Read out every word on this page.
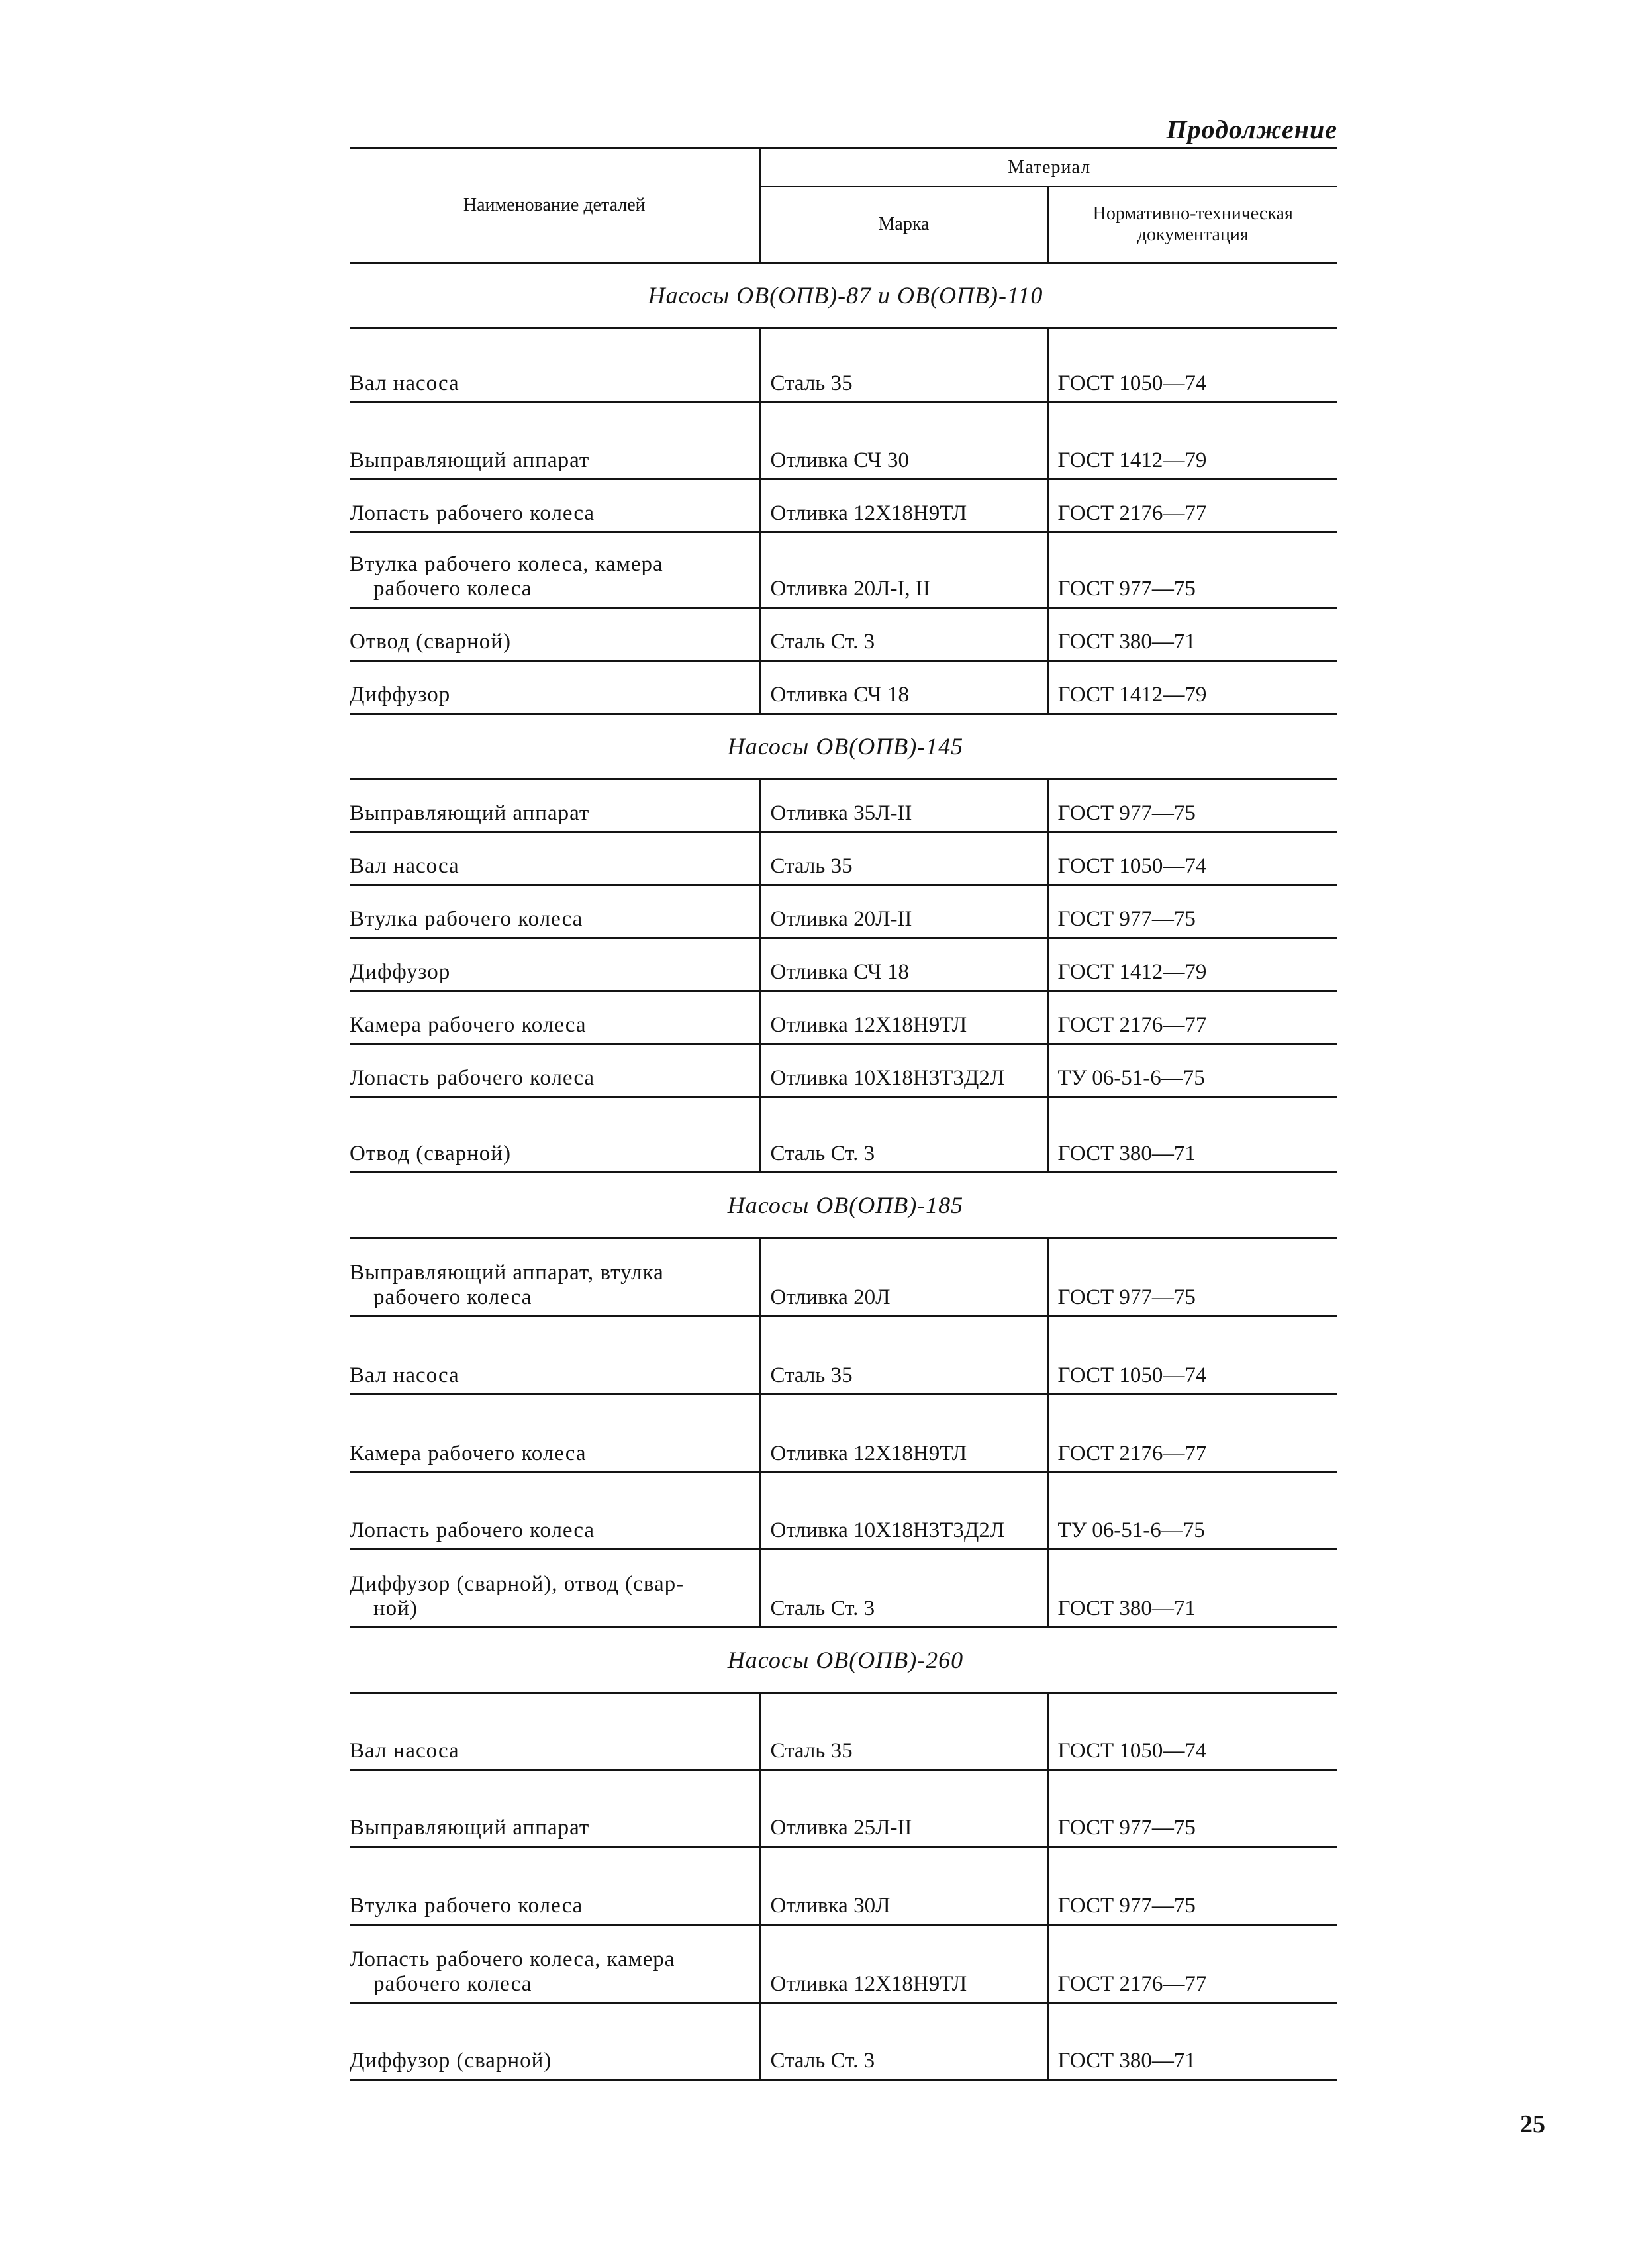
Продолжение
Наименование деталей	Материал	
	Марка	Нормативно-техническая документация
Насосы ОВ(ОПВ)-87 и ОВ(ОПВ)-110		
Вал насоса	Сталь 35	ГОСТ 1050—74
Выправляющий аппарат	Отливка СЧ 30	ГОСТ 1412—79
Лопасть рабочего колеса	Отливка 12Х18Н9ТЛ	ГОСТ 2176—77
Втулка рабочего колеса, камера
рабочего колеса	Отливка 20Л-I, II	ГОСТ 977—75
Отвод (сварной)	Сталь Ст. 3	ГОСТ 380—71
Диффузор	Отливка СЧ 18	ГОСТ 1412—79
Насосы ОВ(ОПВ)-145		
Выправляющий аппарат	Отливка 35Л-II	ГОСТ 977—75
Вал насоса	Сталь 35	ГОСТ 1050—74
Втулка рабочего колеса	Отливка 20Л-II	ГОСТ 977—75
Диффузор	Отливка СЧ 18	ГОСТ 1412—79
Камера рабочего колеса	Отливка 12Х18Н9ТЛ	ГОСТ 2176—77
Лопасть рабочего колеса	Отливка 10Х18Н3Т3Д2Л	ТУ 06-51-6—75
Отвод (сварной)	Сталь Ст. 3	ГОСТ 380—71
Насосы ОВ(ОПВ)-185		
Выправляющий аппарат, втулка
рабочего колеса	Отливка 20Л	ГОСТ 977—75
Вал насоса	Сталь 35	ГОСТ 1050—74
Камера рабочего колеса	Отливка 12Х18Н9ТЛ	ГОСТ 2176—77
Лопасть рабочего колеса	Отливка 10Х18Н3Т3Д2Л	ТУ 06-51-6—75
Диффузор (сварной), отвод (свар-
ной)	Сталь Ст. 3	ГОСТ 380—71
Насосы ОВ(ОПВ)-260		
Вал насоса	Сталь 35	ГОСТ 1050—74
Выправляющий аппарат	Отливка 25Л-II	ГОСТ 977—75
Втулка рабочего колеса	Отливка 30Л	ГОСТ 977—75
Лопасть рабочего колеса, камера
рабочего колеса	Отливка 12Х18Н9ТЛ	ГОСТ 2176—77
Диффузор (сварной)	Сталь Ст. 3	ГОСТ 380—71
25
